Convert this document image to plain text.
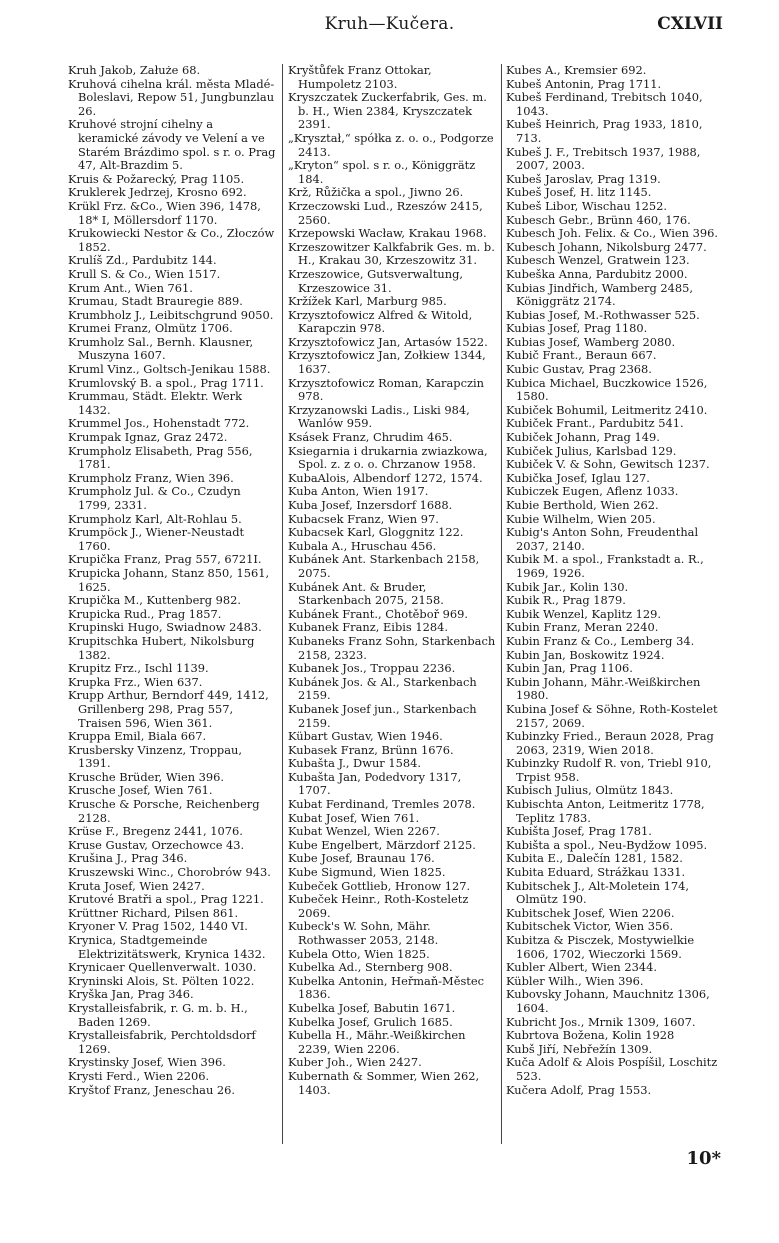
Kruh—Kučera.	CXLVII
Kruh Jakob, Załuże 68.
Kruhová cihelna král. města Mladé-Boleslavi, Repow 51, Jungbunzlau 26.
Kruhové strojní cihelny a keramické závody ve Velení a ve Starém Brázdimo spol. s r. o. Prag 47, Alt-Brazdim 5.
Kruis & Požarecký, Prag 1105.
Kruklerek Jedrzej, Krosno 692.
Krükl Frz. &Co., Wien 396, 1478, 18* I, Möllersdorf 1170.
Krukowiecki Nestor & Co., Złoczów 1852.
Krulíš Zd., Pardubitz 144.
Krull S. & Co., Wien 1517.
Krum Ant., Wien 761.
Krumau, Stadt Brauregie 889.
Krumbholz J., Leibitschgrund 9050.
Krumei Franz, Olmütz 1706.
Krumholz Sal., Bernh. Klausner, Muszyna 1607.
Kruml Vinz., Goltsch-Jenikau 1588.
Krumlovský B. a spol., Prag 1711.
Krummau, Städt. Elektr. Werk 1432.
Krummel Jos., Hohenstadt 772.
Krumpak Ignaz, Graz 2472.
Krumpholz Elisabeth, Prag 556, 1781.
Krumpholz Franz, Wien 396.
Krumpholz Jul. & Co., Czudyn 1799, 2331.
Krumpholz Karl, Alt-Rohlau 5.
Krumpöck J., Wiener-Neustadt 1760.
Krupička Franz, Prag 557, 6721I.
Krupicka Johann, Stanz 850, 1561, 1625.
Krupička M., Kuttenberg 982.
Krupicka Rud., Prag 1857.
Krupinski Hugo, Swiadnow 2483.
Krupitschka Hubert, Nikolsburg 1382.
Krupitz Frz., Ischl 1139.
Krupka Frz., Wien 637.
Krupp Arthur, Berndorf 449, 1412, Grillenberg 298, Prag 557, Traisen 596, Wien 361.
Kruppa Emil, Biala 667.
Krusbersky Vinzenz, Troppau, 1391.
Krusche Brüder, Wien 396.
Krusche Josef, Wien 761.
Krusche & Porsche, Reichenberg 2128.
Krüse F., Bregenz 2441, 1076.
Kruse Gustav, Orzechowce 43.
Krušina J., Prag 346.
Kruszewski Winc., Chorobrów 943.
Kruta Josef, Wien 2427.
Krutové Bratři a spol., Prag 1221.
Krüttner Richard, Pilsen 861.
Kryoner V. Prag 1502, 1440 VI.
Krynica, Stadtgemeinde Elektrizitätswerk, Krynica 1432.
Krynicaer Quellenverwalt. 1030.
Kryninski Alois, St. Pölten 1022.
Kryška Jan, Prag 346.
Krystalleisfabrik, r. G. m. b. H., Baden 1269.
Krystalleisfabrik, Perchtoldsdorf 1269.
Krystinsky Josef, Wien 396.
Krysti Ferd., Wien 2206.
Kryštof Franz, Jeneschau 26.
Kryštůfek Franz Ottokar, Humpoletz 2103.
Kryszczatek Zuckerfabrik, Ges. m. b. H., Wien 2384, Kryszczatek 2391.
„Kryształ,“ spółka z. o. o., Podgorze 2413.
„Kryton“ spol. s r. o., Königgrätz 184.
Krž, Růžička a spol., Jiwno 26.
Krzeczowski Lud., Rzeszów 2415, 2560.
Krzepowski Wacław, Krakau 1968.
Krzeszowitzer Kalkfabrik Ges. m. b. H., Krakau 30, Krzeszowitz 31.
Krzeszowice, Gutsverwaltung, Krzeszowice 31.
Kržížek Karl, Marburg 985.
Krzysztofowicz Alfred & Witold, Karapczin 978.
Krzysztofowicz Jan, Artasów 1522.
Krzysztofowicz Jan, Zołkiew 1344, 1637.
Krzysztofowicz Roman, Karapczin 978.
Krzyzanowski Ladis., Liski 984, Wanlów 959.
Ksásek Franz, Chrudim 465.
Ksiegarnia i drukarnia zwiazkowa, Spol. z. z o. o. Chrzanow 1958.
KubaAlois, Albendorf 1272, 1574.
Kuba Anton, Wien 1917.
Kuba Josef, Inzersdorf 1688.
Kubacsek Franz, Wien 97.
Kubacsek Karl, Gloggnitz 122.
Kubala A., Hruschau 456.
Kubánek Ant. Starkenbach 2158, 2075.
Kubánek Ant. & Bruder, Starkenbach 2075, 2158.
Kubánek Frant., Chotěboř 969.
Kubanek Franz, Eibis 1284.
Kubaneks Franz Sohn, Starkenbach 2158, 2323.
Kubanek Jos., Troppau 2236.
Kubánek Jos. & Al., Starkenbach 2159.
Kubanek Josef jun., Starkenbach 2159.
Kübart Gustav, Wien 1946.
Kubasek Franz, Brünn 1676.
Kubašta J., Dwur 1584.
Kubašta Jan, Podedvory 1317, 1707.
Kubat Ferdinand, Tremles 2078.
Kubat Josef, Wien 761.
Kubat Wenzel, Wien 2267.
Kube Engelbert, Märzdorf 2125.
Kube Josef, Braunau 176.
Kube Sigmund, Wien 1825.
Kubeček Gottlieb, Hronow 127.
Kubeček Heinr., Roth-Kosteletz 2069.
Kubeck's W. Sohn, Mähr. Rothwasser 2053, 2148.
Kubela Otto, Wien 1825.
Kubelka Ad., Sternberg 908.
Kubelka Antonin, Heřmaň-Městec 1836.
Kubelka Josef, Babutin 1671.
Kubelka Josef, Grulich 1685.
Kubella H., Mähr.-Weißkirchen 2239, Wien 2206.
Kuber Joh., Wien 2427.
Kubernath & Sommer, Wien 262, 1403.
Kubes A., Kremsier 692.
Kubeš Antonin, Prag 1711.
Kubeš Ferdinand, Trebitsch 1040, 1043.
Kubeš Heinrich, Prag 1933, 1810, 713.
Kubeš J. F., Trebitsch 1937, 1988, 2007, 2003.
Kubeš Jaroslav, Prag 1319.
Kubeš Josef, H. litz 1145.
Kubeš Libor, Wischau 1252.
Kubesch Gebr., Brünn 460, 176.
Kubesch Joh. Felix. & Co., Wien 396.
Kubesch Johann, Nikolsburg 2477.
Kubesch Wenzel, Gratwein 123.
Kubeška Anna, Pardubitz 2000.
Kubias Jindřich, Wamberg 2485, Königgrätz 2174.
Kubias Josef, M.-Rothwasser 525.
Kubias Josef, Prag 1180.
Kubias Josef, Wamberg 2080.
Kubič Frant., Beraun 667.
Kubic Gustav, Prag 2368.
Kubica Michael, Buczkowice 1526, 1580.
Kubiček Bohumil, Leitmeritz 2410.
Kubiček Frant., Pardubitz 541.
Kubiček Johann, Prag 149.
Kubiček Julius, Karlsbad 129.
Kubiček V. & Sohn, Gewitsch 1237.
Kubička Josef, Iglau 127.
Kubiczek Eugen, Aflenz 1033.
Kubie Berthold, Wien 262.
Kubie Wilhelm, Wien 205.
Kubig's Anton Sohn, Freudenthal 2037, 2140.
Kubik M. a spol., Frankstadt a. R., 1969, 1926.
Kubik Jar., Kolin 130.
Kubik R., Prag 1879.
Kubik Wenzel, Kaplitz 129.
Kubin Franz, Meran 2240.
Kubin Franz & Co., Lemberg 34.
Kubin Jan, Boskowitz 1924.
Kubin Jan, Prag 1106.
Kubin Johann, Mähr.-Weißkirchen 1980.
Kubina Josef & Söhne, Roth-Kostelet 2157, 2069.
Kubinzky Fried., Beraun 2028, Prag 2063, 2319, Wien 2018.
Kubinzky Rudolf R. von, Triebl 910, Trpist 958.
Kubisch Julius, Olmütz 1843.
Kubischta Anton, Leitmeritz 1778, Teplitz 1783.
Kubišta Josef, Prag 1781.
Kubišta a spol., Neu-Bydžow 1095.
Kubita E., Dalečín 1281, 1582.
Kubita Eduard, Strážkau 1331.
Kubitschek J., Alt-Moletein 174, Olmütz 190.
Kubitschek Josef, Wien 2206.
Kubitschek Victor, Wien 356.
Kubitza & Pisczek, Mostywielkie 1606, 1702, Wieczorki 1569.
Kubler Albert, Wien 2344.
Kübler Wilh., Wien 396.
Kubovsky Johann, Mauchnitz 1306, 1604.
Kubricht Jos., Mrnik 1309, 1607.
Kubrtova Božena, Kolin 1928
Kubš Jiří, Nebřežín 1309.
Kuča Adolf & Alois Pospíšil, Loschitz 523.
Kučera Adolf, Prag 1553.
10*
